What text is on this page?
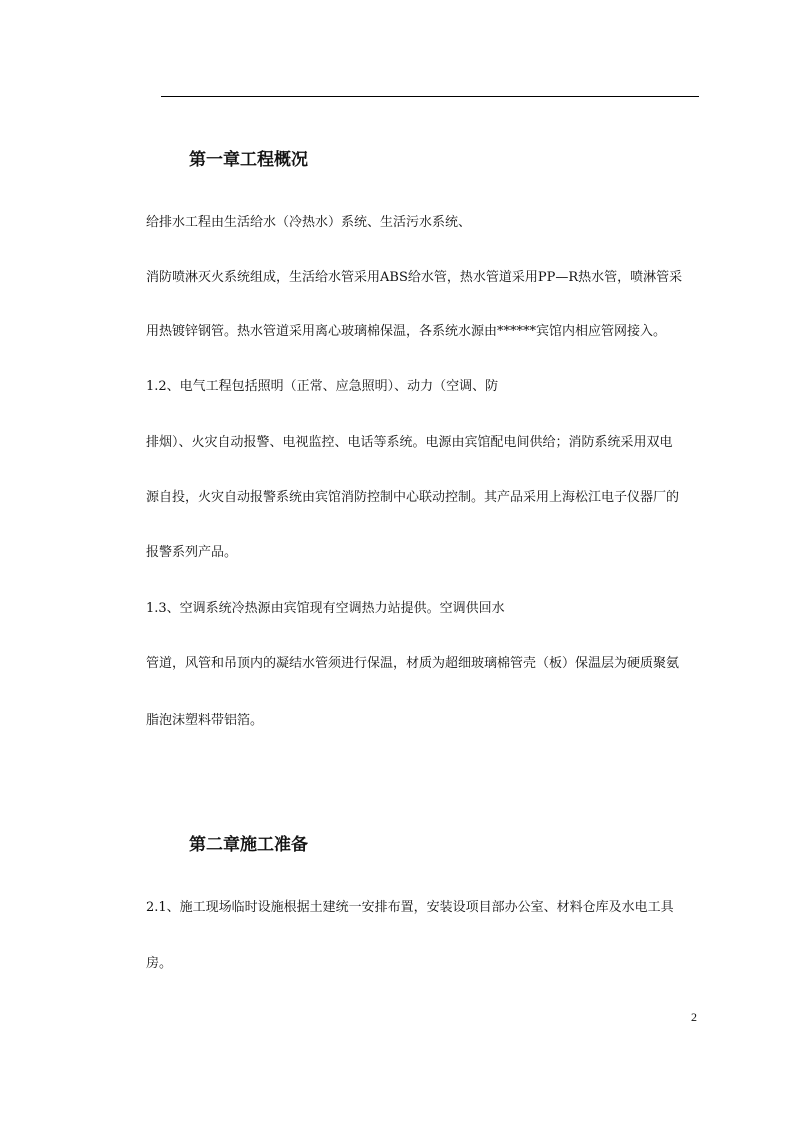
第一章工程概况

给排水工程由生活给水（冷热水）系统、生活污水系统、

消防喷淋灭火系统组成，生活给水管采用ABS给水管，热水管道采用PP—R热水管，喷淋管采

用热镀锌钢管。热水管道采用离心玻璃棉保温，各系统水源由******宾馆内相应管网接入。

1.2、电气工程包括照明（正常、应急照明）、动力（空调、防

排烟）、火灾自动报警、电视监控、电话等系统。电源由宾馆配电间供给；消防系统采用双电

源自投，火灾自动报警系统由宾馆消防控制中心联动控制。其产品采用上海松江电子仪器厂的

报警系列产品。

1.3、空调系统冷热源由宾馆现有空调热力站提供。空调供回水

管道，风管和吊顶内的凝结水管须进行保温，材质为超细玻璃棉管壳（板）保温层为硬质聚氨

脂泡沫塑料带铝箔。

第二章施工准备

2.1、施工现场临时设施根据土建统一安排布置，安装设项目部办公室、材料仓库及水电工具

房。

2
